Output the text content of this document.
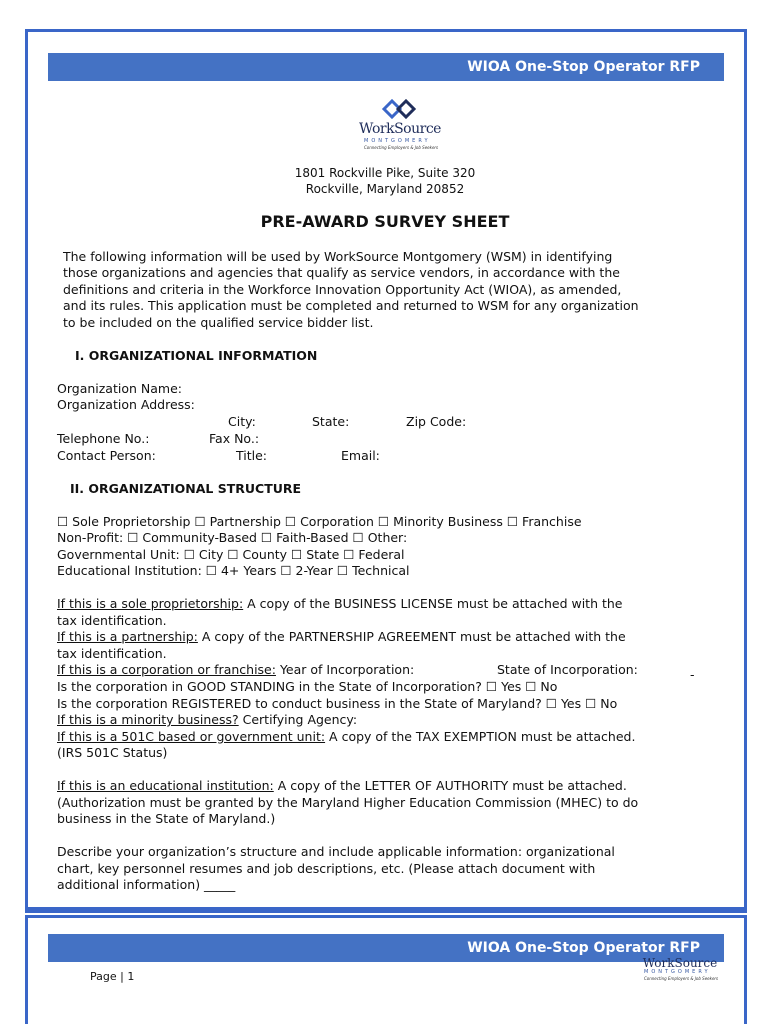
WIOA One-Stop Operator RFP
WorkSource
MONTGOMERY
Connecting Employers & Job Seekers
1801 Rockville Pike, Suite 320
Rockville, Maryland 20852
PRE-AWARD SURVEY SHEET
The following information will be used by WorkSource Montgomery (WSM) in identifying
those organizations and agencies that qualify as service vendors, in accordance with the
definitions and criteria in the Workforce Innovation Opportunity Act (WIOA), as amended,
and its rules. This application must be completed and returned to WSM for any organization
to be included on the qualified service bidder list.
I. ORGANIZATIONAL INFORMATION
Organization Name:
Organization Address:
City:	State:	Zip Code:
Telephone No.:	Fax No.:
Contact Person:	Title:	Email:
II. ORGANIZATIONAL STRUCTURE
☐ Sole Proprietorship ☐ Partnership ☐ Corporation ☐ Minority Business ☐ Franchise
Non-Profit: ☐ Community-Based ☐ Faith-Based ☐ Other:
Governmental Unit: ☐ City ☐ County ☐ State ☐ Federal
Educational Institution: ☐ 4+ Years ☐ 2-Year ☐ Technical
If this is a sole proprietorship: A copy of the BUSINESS LICENSE must be attached with the
tax identification.
If this is a partnership: A copy of the PARTNERSHIP AGREEMENT must be attached with the
tax identification.
If this is a corporation or franchise: Year of Incorporation:	State of Incorporation:	-
Is the corporation in GOOD STANDING in the State of Incorporation? ☐ Yes ☐ No
Is the corporation REGISTERED to conduct business in the State of Maryland? ☐ Yes ☐ No
If this is a minority business? Certifying Agency:
If this is a 501C based or government unit: A copy of the TAX EXEMPTION must be attached.
(IRS 501C Status)
If this is an educational institution: A copy of the LETTER OF AUTHORITY must be attached.
(Authorization must be granted by the Maryland Higher Education Commission (MHEC) to do
business in the State of Maryland.)
Describe your organization’s structure and include applicable information: organizational
chart, key personnel resumes and job descriptions, etc. (Please attach document with
additional information) _____
WIOA One-Stop Operator RFP
WorkSource
MONTGOMERY
Connecting Employers & Job Seekers
Page | 1
